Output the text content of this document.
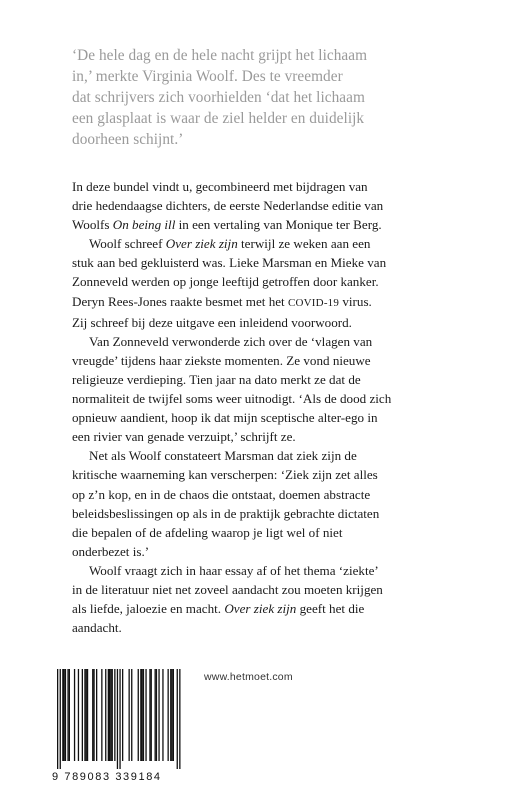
‘De hele dag en de hele nacht grijpt het lichaam
in,’ merkte Virginia Woolf. Des te vreemder
dat schrijvers zich voorhielden ‘dat het lichaam
een glasplaat is waar de ziel helder en duidelijk
doorheen schijnt.’
In deze bundel vindt u, gecombineerd met bijdragen van
drie hedendaagse dichters, de eerste Nederlandse editie van
Woolfs On being ill in een vertaling van Monique ter Berg.
Woolf schreef Over ziek zijn terwijl ze weken aan een
stuk aan bed gekluisterd was. Lieke Marsman en Mieke van
Zonneveld werden op jonge leeftijd getroffen door kanker.
Deryn Rees-Jones raakte besmet met het COVID-19 virus.
Zij schreef bij deze uitgave een inleidend voorwoord.
Van Zonneveld verwonderde zich over de ‘vlagen van
vreugde’ tijdens haar ziekste momenten. Ze vond nieuwe
religieuze verdieping. Tien jaar na dato merkt ze dat de
normaliteit de twijfel soms weer uitnodigt. ‘Als de dood zich
opnieuw aandient, hoop ik dat mijn sceptische alter-ego in
een rivier van genade verzuipt,’ schrijft ze.
Net als Woolf constateert Marsman dat ziek zijn de
kritische waarneming kan verscherpen: ‘Ziek zijn zet alles
op z’n kop, en in de chaos die ontstaat, doemen abstracte
beleidsbeslissingen op als in de praktijk gebrachte dictaten
die bepalen of de afdeling waarop je ligt wel of niet
onderbezet is.’
Woolf vraagt zich in haar essay af of het thema ‘ziekte’
in de literatuur niet net zoveel aandacht zou moeten krijgen
als liefde, jaloezie en macht. Over ziek zijn geeft het die
aandacht.
www.hetmoet.com
9 789083 339184
